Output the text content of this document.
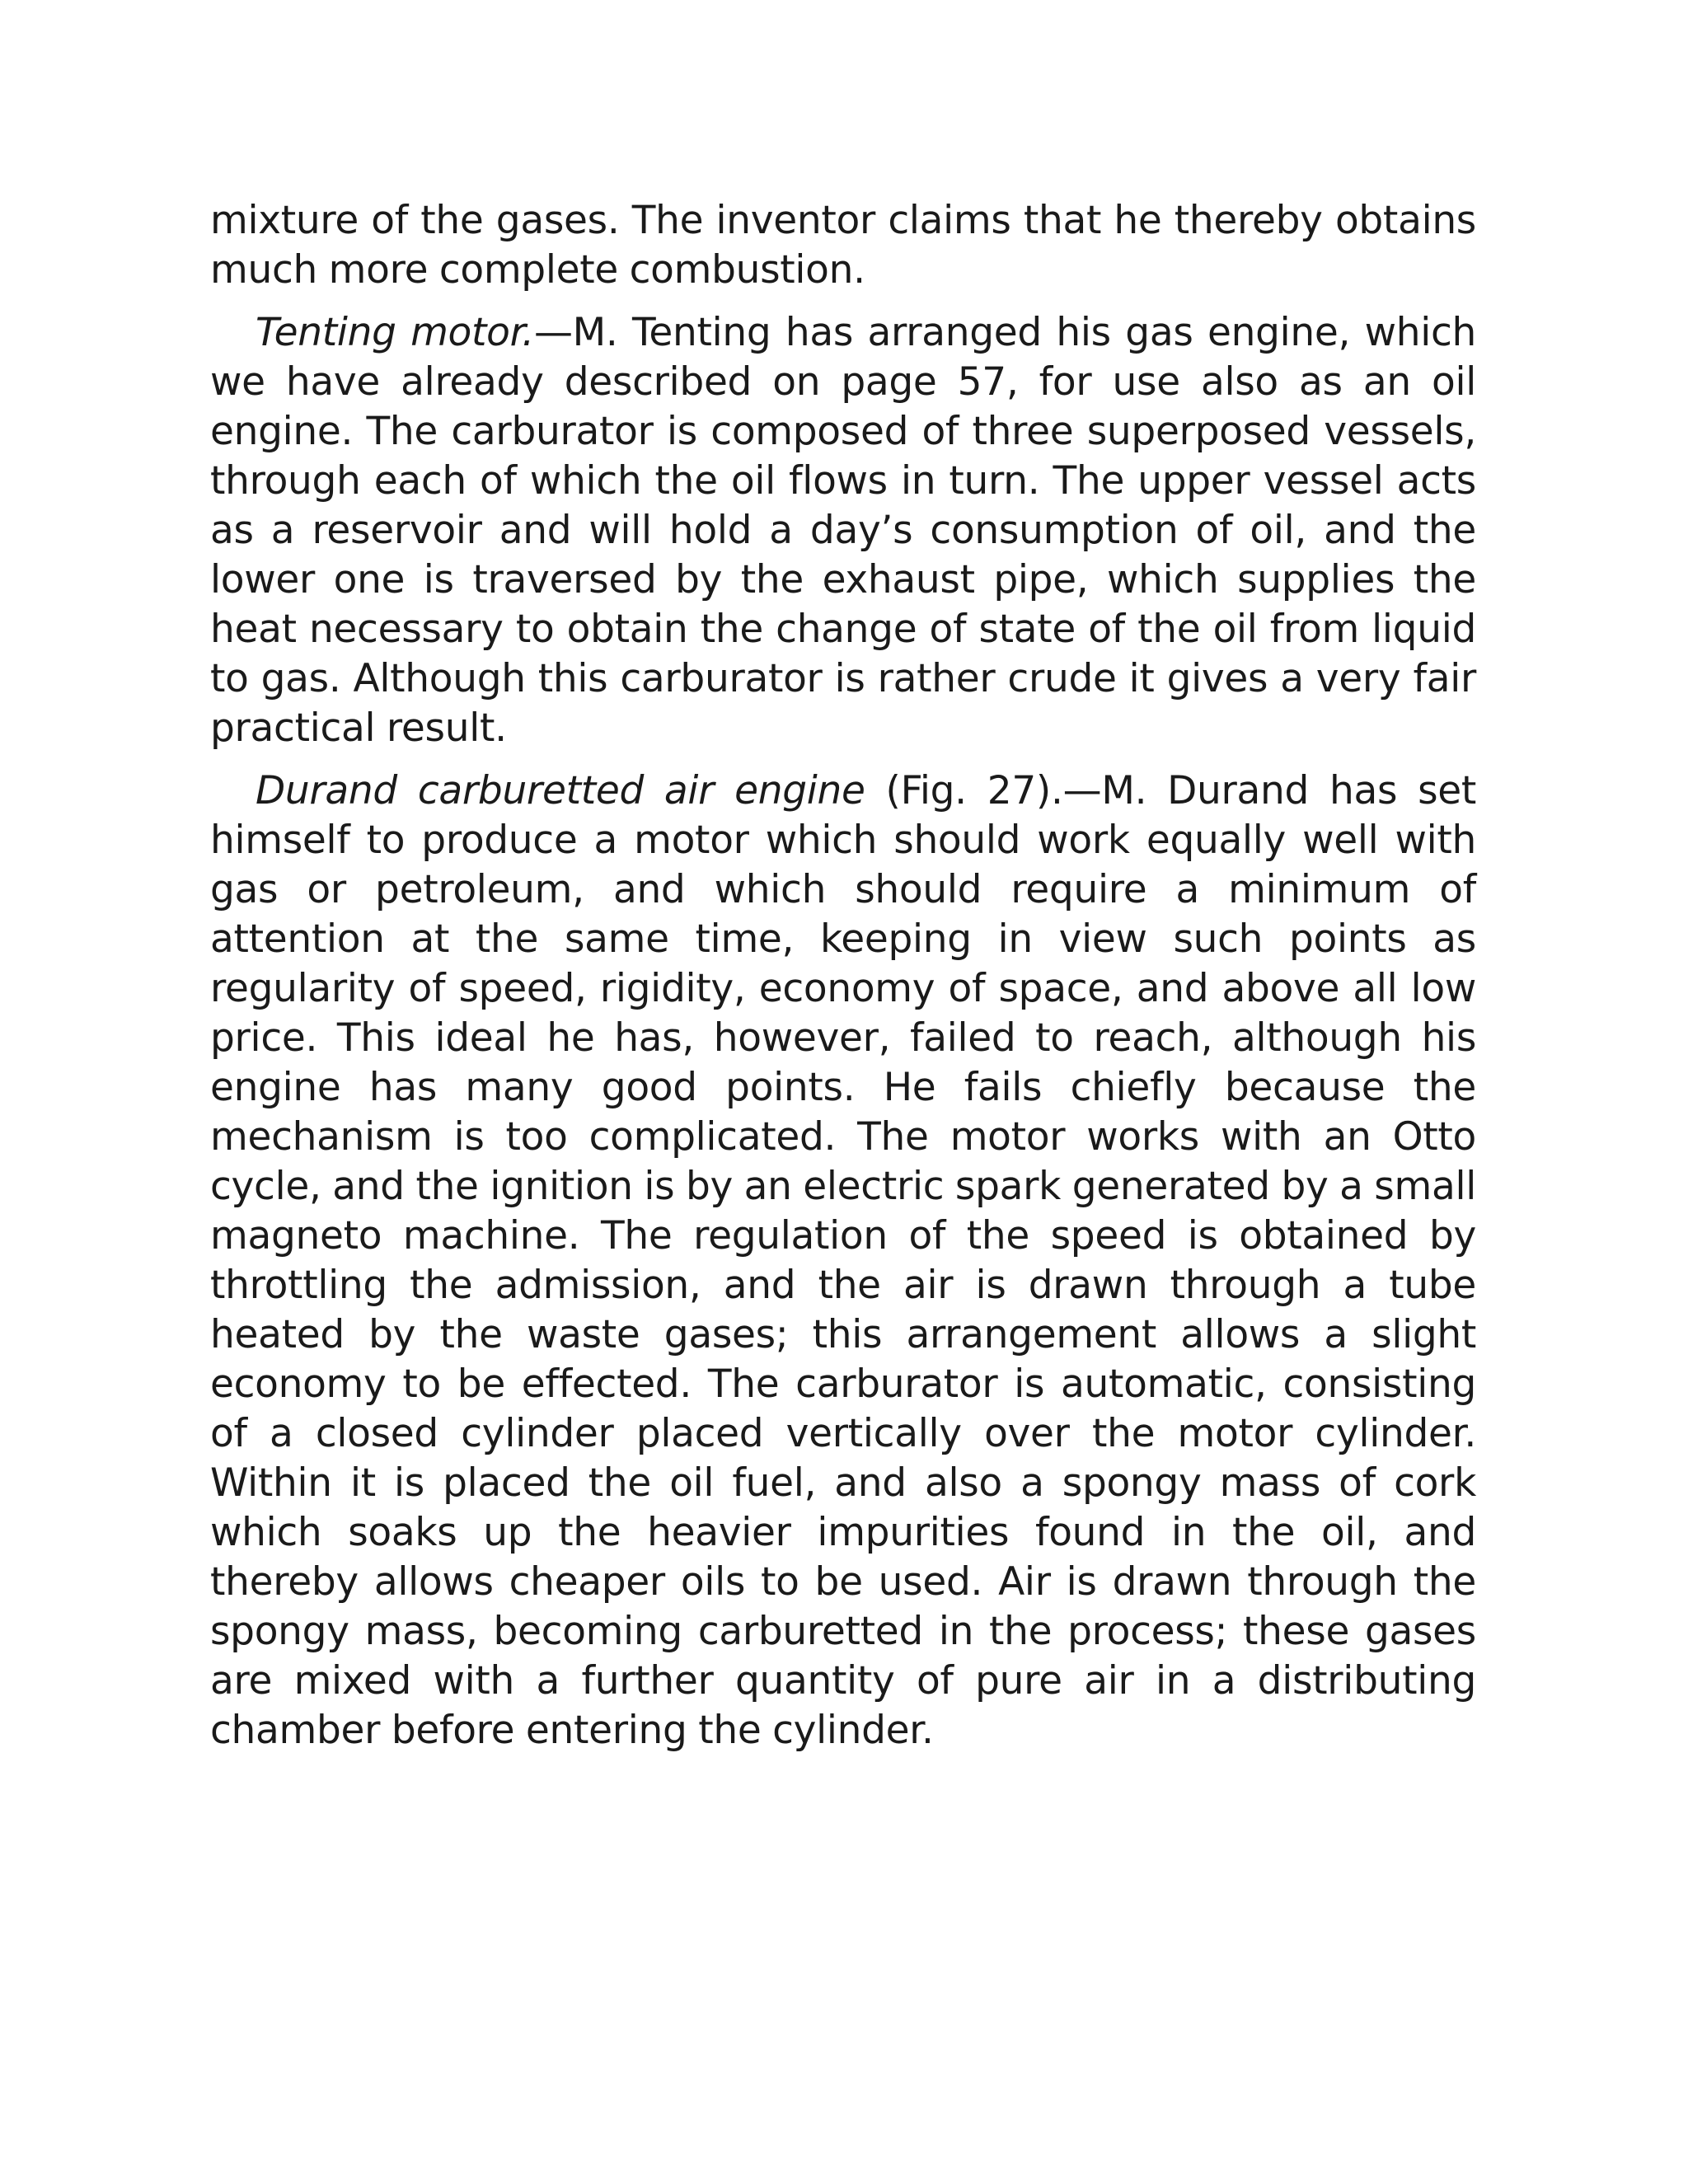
mixture of the gases. The inventor claims that he thereby obtains much more complete combustion.

Tenting motor.—M. Tenting has arranged his gas engine, which we have already described on page 57, for use also as an oil engine. The carburator is composed of three superposed vessels, through each of which the oil flows in turn. The upper vessel acts as a reservoir and will hold a day’s consumption of oil, and the lower one is traversed by the exhaust pipe, which supplies the heat necessary to obtain the change of state of the oil from liquid to gas. Although this carburator is rather crude it gives a very fair practical result.

Durand carburetted air engine (Fig. 27).—M. Durand has set himself to produce a motor which should work equally well with gas or petroleum, and which should require a minimum of attention at the same time, keeping in view such points as regularity of speed, rigidity, economy of space, and above all low price. This ideal he has, however, failed to reach, although his engine has many good points. He fails chiefly because the mechanism is too complicated. The motor works with an Otto cycle, and the ignition is by an electric spark generated by a small magneto machine. The regulation of the speed is obtained by throttling the admission, and the air is drawn through a tube heated by the waste gases; this arrangement allows a slight economy to be effected. The carburator is automatic, consisting of a closed cylinder placed vertically over the motor cylinder. Within it is placed the oil fuel, and also a spongy mass of cork which soaks up the heavier impurities found in the oil, and thereby allows cheaper oils to be used. Air is drawn through the spongy mass, becoming carburetted in the process; these gases are mixed with a further quantity of pure air in a distributing chamber before entering the cylinder.
